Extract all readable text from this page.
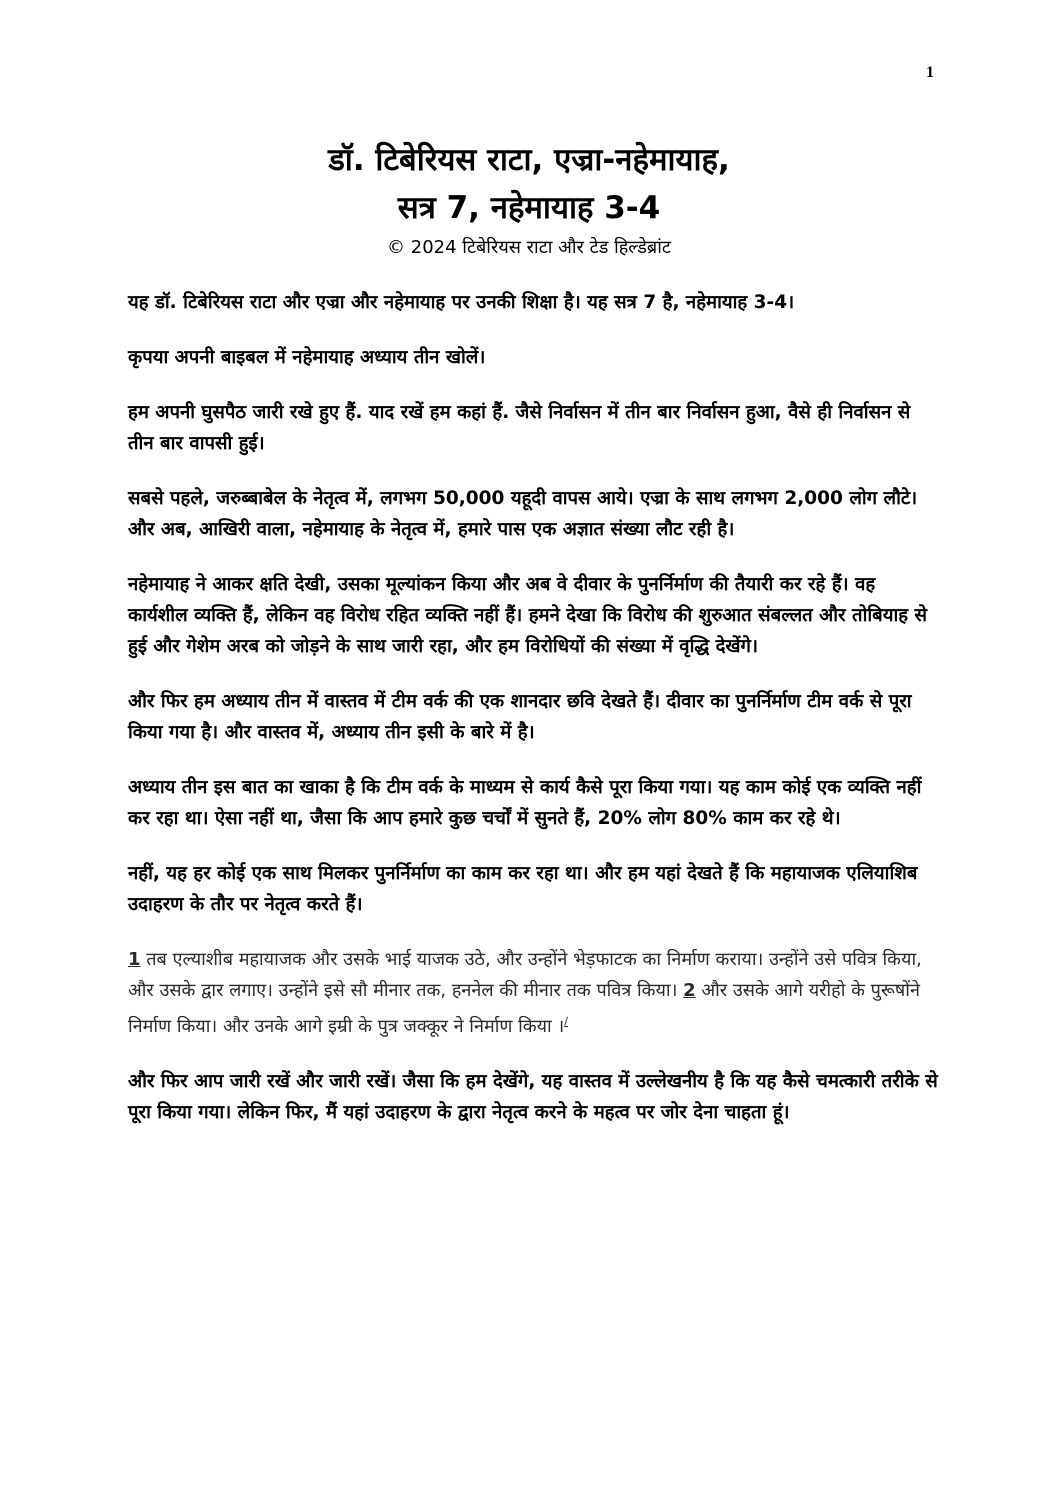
1
डॉ. टिबेरियस राटा, एज्रा-नहेमायाह,
सत्र 7, नहेमायाह 3-4
© 2024 टिबेरियस राटा और टेड हिल्डेब्रांट

यह डॉ. टिबेरियस राटा और एज्रा और नहेमायाह पर उनकी शिक्षा है। यह सत्र 7 है, नहेमायाह 3-4।

कृपया अपनी बाइबल में नहेमायाह अध्याय तीन खोलें।

हम अपनी घुसपैठ जारी रखे हुए हैं. याद रखें हम कहां हैं. जैसे निर्वासन में तीन बार निर्वासन हुआ, वैसे ही निर्वासन से तीन बार वापसी हुई।

सबसे पहले, जरुब्बाबेल के नेतृत्व में, लगभग 50,000 यहूदी वापस आये। एज्रा के साथ लगभग 2,000 लोग लौटे। और अब, आखिरी वाला, नहेमायाह के नेतृत्व में, हमारे पास एक अज्ञात संख्या लौट रही है।

नहेमायाह ने आकर क्षति देखी, उसका मूल्यांकन किया और अब वे दीवार के पुनर्निर्माण की तैयारी कर रहे हैं। वह कार्यशील व्यक्ति हैं, लेकिन वह विरोध रहित व्यक्ति नहीं हैं। हमने देखा कि विरोध की शुरुआत संबल्लत और तोबियाह से हुई और गेशेम अरब को जोड़ने के साथ जारी रहा, और हम विरोधियों की संख्या में वृद्धि देखेंगे।

और फिर हम अध्याय तीन में वास्तव में टीम वर्क की एक शानदार छवि देखते हैं। दीवार का पुनर्निर्माण टीम वर्क से पूरा किया गया है। और वास्तव में, अध्याय तीन इसी के बारे में है।

अध्याय तीन इस बात का खाका है कि टीम वर्क के माध्यम से कार्य कैसे पूरा किया गया। यह काम कोई एक व्यक्ति नहीं कर रहा था। ऐसा नहीं था, जैसा कि आप हमारे कुछ चर्चों में सुनते हैं, 20% लोग 80% काम कर रहे थे।

नहीं, यह हर कोई एक साथ मिलकर पुनर्निर्माण का काम कर रहा था। और हम यहां देखते हैं कि महायाजक एलियाशिब उदाहरण के तौर पर नेतृत्व करते हैं।

1 तब एल्याशीब महायाजक और उसके भाई याजक उठे, और उन्होंने भेड़फाटक का निर्माण कराया। उन्होंने उसे पवित्र किया, और उसके द्वार लगाए। उन्होंने इसे सौ मीनार तक, हननेल की मीनार तक पवित्र किया। 2 और उसके आगे यरीहो के पुरूषोंने निर्माण किया। और उनके आगे इम्री के पुत्र जक्कूर ने निर्माण किया ।/

और फिर आप जारी रखें और जारी रखें। जैसा कि हम देखेंगे, यह वास्तव में उल्लेखनीय है कि यह कैसे चमत्कारी तरीके से पूरा किया गया। लेकिन फिर, मैं यहां उदाहरण के द्वारा नेतृत्व करने के महत्व पर जोर देना चाहता हूं।
